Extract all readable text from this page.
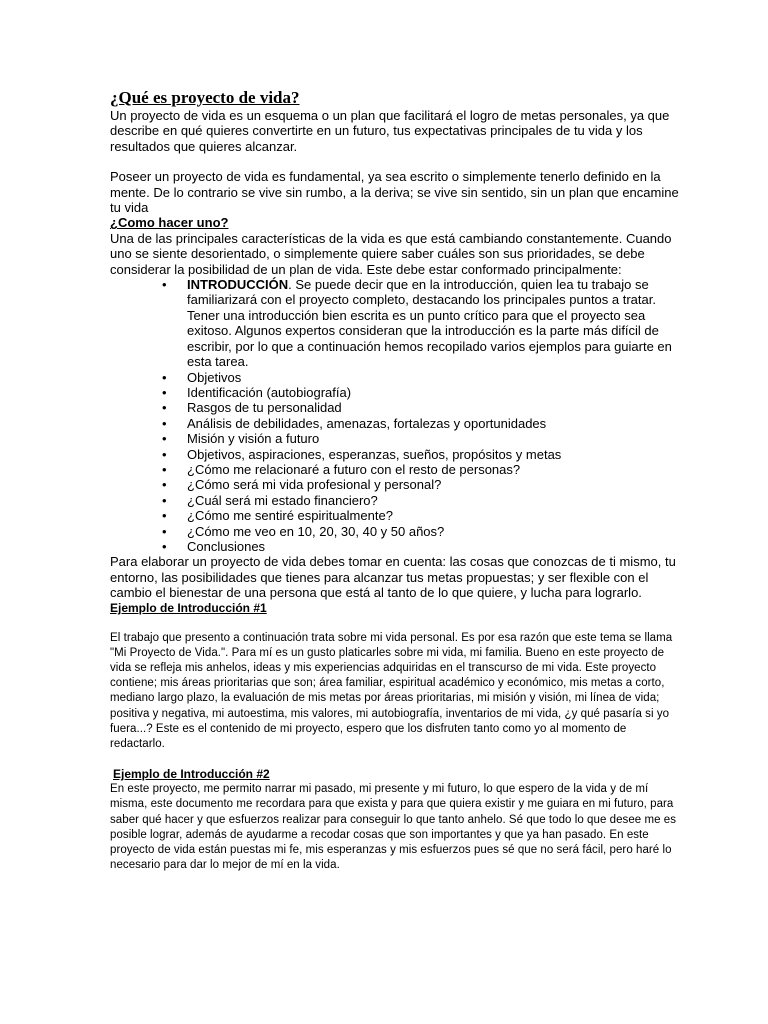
¿Qué es proyecto de vida?

Un proyecto de vida es un esquema o un plan que facilitará el logro de metas personales, ya que describe en qué quieres convertirte en un futuro, tus expectativas principales de tu vida y los resultados que quieres alcanzar.

Poseer un proyecto de vida es fundamental, ya sea escrito o simplemente tenerlo definido en la mente. De lo contrario se vive sin rumbo, a la deriva; se vive sin sentido, sin un plan que encamine tu vida

¿Como hacer uno?

Una de las principales características de la vida es que está cambiando constantemente. Cuando uno se siente desorientado, o simplemente quiere saber cuáles son sus prioridades, se debe considerar la posibilidad de un plan de vida. Este debe estar conformado principalmente:

• INTRODUCCIÓN. Se puede decir que en la introducción, quien lea tu trabajo se familiarizará con el proyecto completo, destacando los principales puntos a tratar.

Tener una introducción bien escrita es un punto crítico para que el proyecto sea exitoso. Algunos expertos consideran que la introducción es la parte más difícil de escribir, por lo que a continuación hemos recopilado varios ejemplos para guiarte en esta tarea.

• Objetivos
• Identificación (autobiografía)
• Rasgos de tu personalidad
• Análisis de debilidades, amenazas, fortalezas y oportunidades
• Misión y visión a futuro
• Objetivos, aspiraciones, esperanzas, sueños, propósitos y metas
• ¿Cómo me relacionaré a futuro con el resto de personas?
• ¿Cómo será mi vida profesional y personal?
• ¿Cuál será mi estado financiero?
• ¿Cómo me sentiré espiritualmente?
• ¿Cómo me veo en 10, 20, 30, 40 y 50 años?
• Conclusiones

Para elaborar un proyecto de vida debes tomar en cuenta: las cosas que conozcas de ti mismo, tu entorno, las posibilidades que tienes para alcanzar tus metas propuestas; y ser flexible con el cambio el bienestar de una persona que está al tanto de lo que quiere, y lucha para lograrlo.

Ejemplo de Introducción #1

El trabajo que presento a continuación trata sobre mi vida personal. Es por esa razón que este tema se llama "Mi Proyecto de Vida.". Para mí es un gusto platicarles sobre mi vida, mi familia. Bueno en este proyecto de vida se refleja mis anhelos, ideas y mis experiencias adquiridas en el transcurso de mi vida. Este proyecto contiene; mis áreas prioritarias que son; área familiar, espiritual académico y económico, mis metas a corto, mediano largo plazo, la evaluación de mis metas por áreas prioritarias, mi misión y visión, mi línea de vida; positiva y negativa, mi autoestima, mis valores, mi autobiografía, inventarios de mi vida, ¿y qué pasaría si yo fuera...? Este es el contenido de mi proyecto, espero que los disfruten tanto como yo al momento de redactarlo.

Ejemplo de Introducción #2

En este proyecto, me permito narrar mi pasado, mi presente y mi futuro, lo que espero de la vida y de mí misma, este documento me recordara para que exista y para que quiera existir y me guiara en mi futuro, para saber qué hacer y que esfuerzos realizar para conseguir lo que tanto anhelo. Sé que todo lo que desee me es posible lograr, además de ayudarme a recodar cosas que son importantes y que ya han pasado. En este proyecto de vida están puestas mi fe, mis esperanzas y mis esfuerzos pues sé que no será fácil, pero haré lo necesario para dar lo mejor de mí en la vida.
